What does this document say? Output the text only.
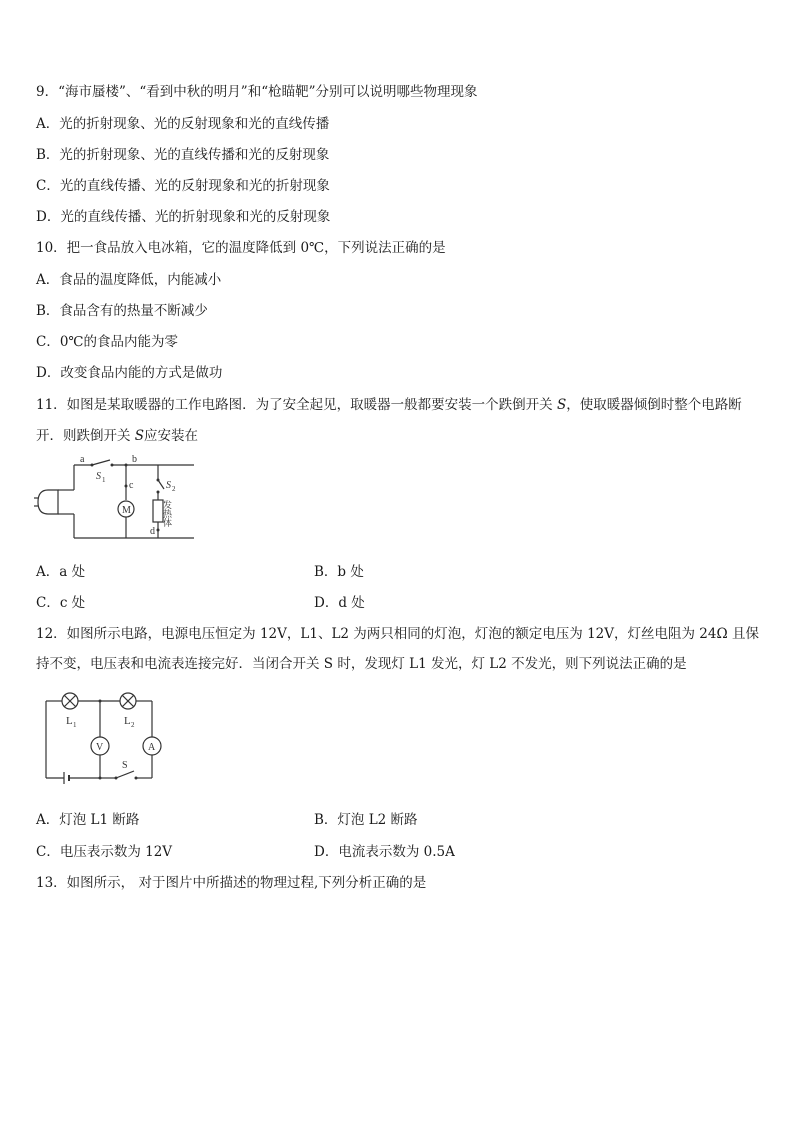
9．“海市蜃楼”、“看到中秋的明月”和“枪瞄靶”分别可以说明哪些物理现象
A．光的折射现象、光的反射现象和光的直线传播
B．光的折射现象、光的直线传播和光的反射现象
C．光的直线传播、光的反射现象和光的折射现象
D．光的直线传播、光的折射现象和光的反射现象
10．把一食品放入电冰箱，它的温度降低到 0℃，下列说法正确的是
A．食品的温度降低，内能减小
B．食品含有的热量不断减少
C．0℃的食品内能为零
D．改变食品内能的方式是做功
11．如图是某取暖器的工作电路图．为了安全起见，取暖器一般都要安装一个跌倒开关 S，使取暖器倾倒时整个电路断
开．则跌倒开关 S应安装在
a	b
c
d
S 1	S 2
M	发热体
A．a 处	B．b 处
C．c 处	D．d 处
12．如图所示电路，电源电压恒定为 12V，L1、L2 为两只相同的灯泡，灯泡的额定电压为 12V，灯丝电阻为 24Ω 且保
持不变，电压表和电流表连接完好．当闭合开关 S 时，发现灯 L1 发光，灯 L2 不发光，则下列说法正确的是
L 1	L 2
V	A
S
A．灯泡 L1 断路	B．灯泡 L2 断路
C．电压表示数为 12V	D．电流表示数为 0.5A
13．如图所示， 对于图片中所描述的物理过程,下列分析正确的是
